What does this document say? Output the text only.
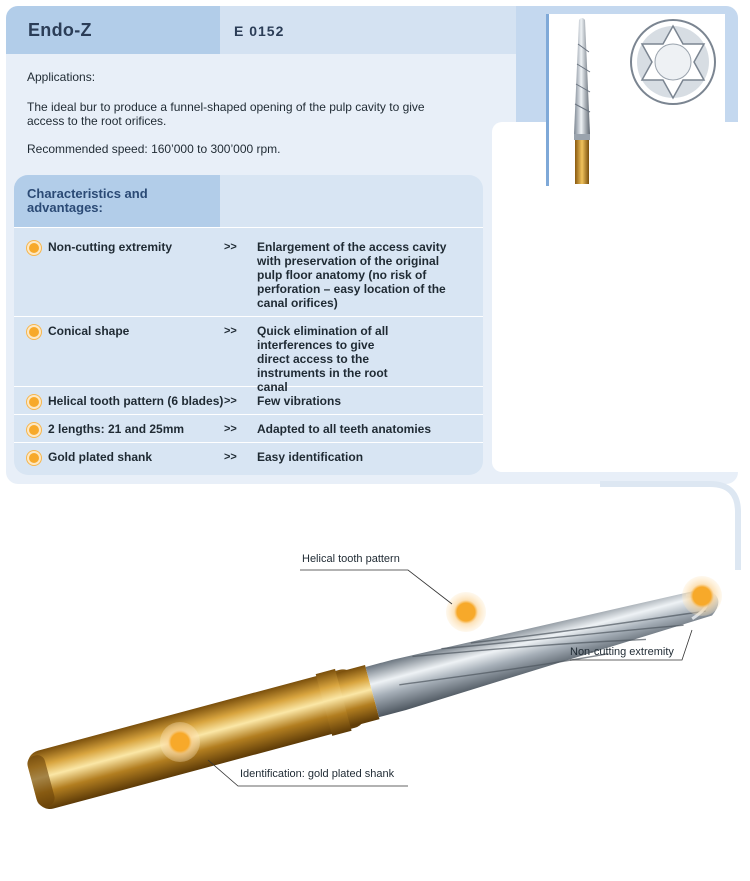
Endo-Z	E 0152
Applications:
The ideal bur to produce a funnel-shaped opening of the pulp cavity to give access to the root orifices.
Recommended speed: 160’000 to 300’000 rpm.
Characteristics and advantages:
Non-cutting extremity	>> Enlargement of the access cavity with preservation of the original pulp floor anatomy (no risk of perforation – easy location of the canal orifices)
Conical shape	>> Quick elimination of all interferences to give direct access to the instruments in the root canal
Helical tooth pattern (6 blades) >> Few vibrations
2 lengths: 21 and 25mm	>> Adapted to all teeth anatomies
Gold plated shank	>> Easy identification
Helical tooth pattern
Non-cutting extremity
Identification: gold plated shank
